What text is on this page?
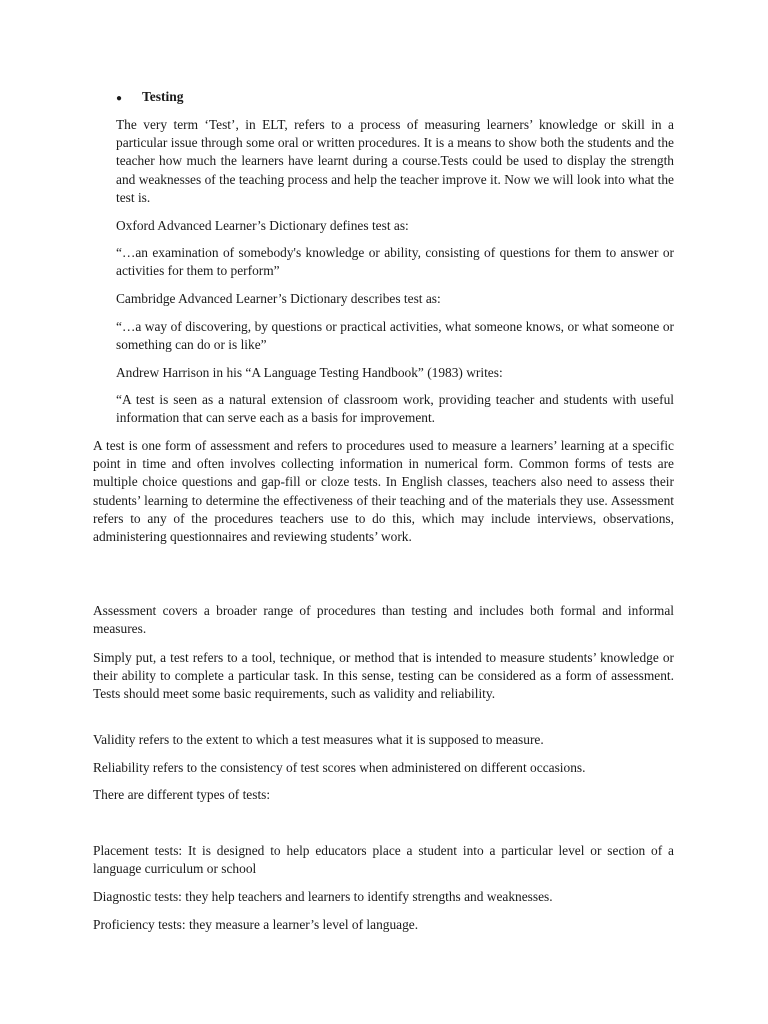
● Testing

The very term ‘Test’, in ELT, refers to a process of measuring learners’ knowledge or skill in a particular issue through some oral or written procedures. It is a means to show both the students and the teacher how much the learners have learnt during a course.Tests could be used to display the strength and weaknesses of the teaching process and help the teacher improve it. Now we will look into what the test is.

Oxford Advanced Learner’s Dictionary defines test as:

“…an examination of somebody's knowledge or ability, consisting of questions for them to answer or activities for them to perform”

Cambridge Advanced Learner’s Dictionary describes test as:

“…a way of discovering, by questions or practical activities, what someone knows, or what someone or something can do or is like”

Andrew Harrison in his “A Language Testing Handbook” (1983) writes:

“A test is seen as a natural extension of classroom work, providing teacher and students with useful information that can serve each as a basis for improvement.

A test is one form of assessment and refers to procedures used to measure a learners’ learning at a specific point in time and often involves collecting information in numerical form. Common forms of tests are multiple choice questions and gap-fill or cloze tests. In English classes, teachers also need to assess their students’ learning to determine the effectiveness of their teaching and of the materials they use. Assessment refers to any of the procedures teachers use to do this, which may include interviews, observations, administering questionnaires and reviewing students’ work.

Assessment covers a broader range of procedures than testing and includes both formal and informal measures.

Simply put, a test refers to a tool, technique, or method that is intended to measure students’ knowledge or their ability to complete a particular task. In this sense, testing can be considered as a form of assessment. Tests should meet some basic requirements, such as validity and reliability.

Validity refers to the extent to which a test measures what it is supposed to measure.

Reliability refers to the consistency of test scores when administered on different occasions.

There are different types of tests:

Placement tests: It is designed to help educators place a student into a particular level or section of a language curriculum or school

Diagnostic tests: they help teachers and learners to identify strengths and weaknesses.

Proficiency tests: they measure a learner’s level of language.
